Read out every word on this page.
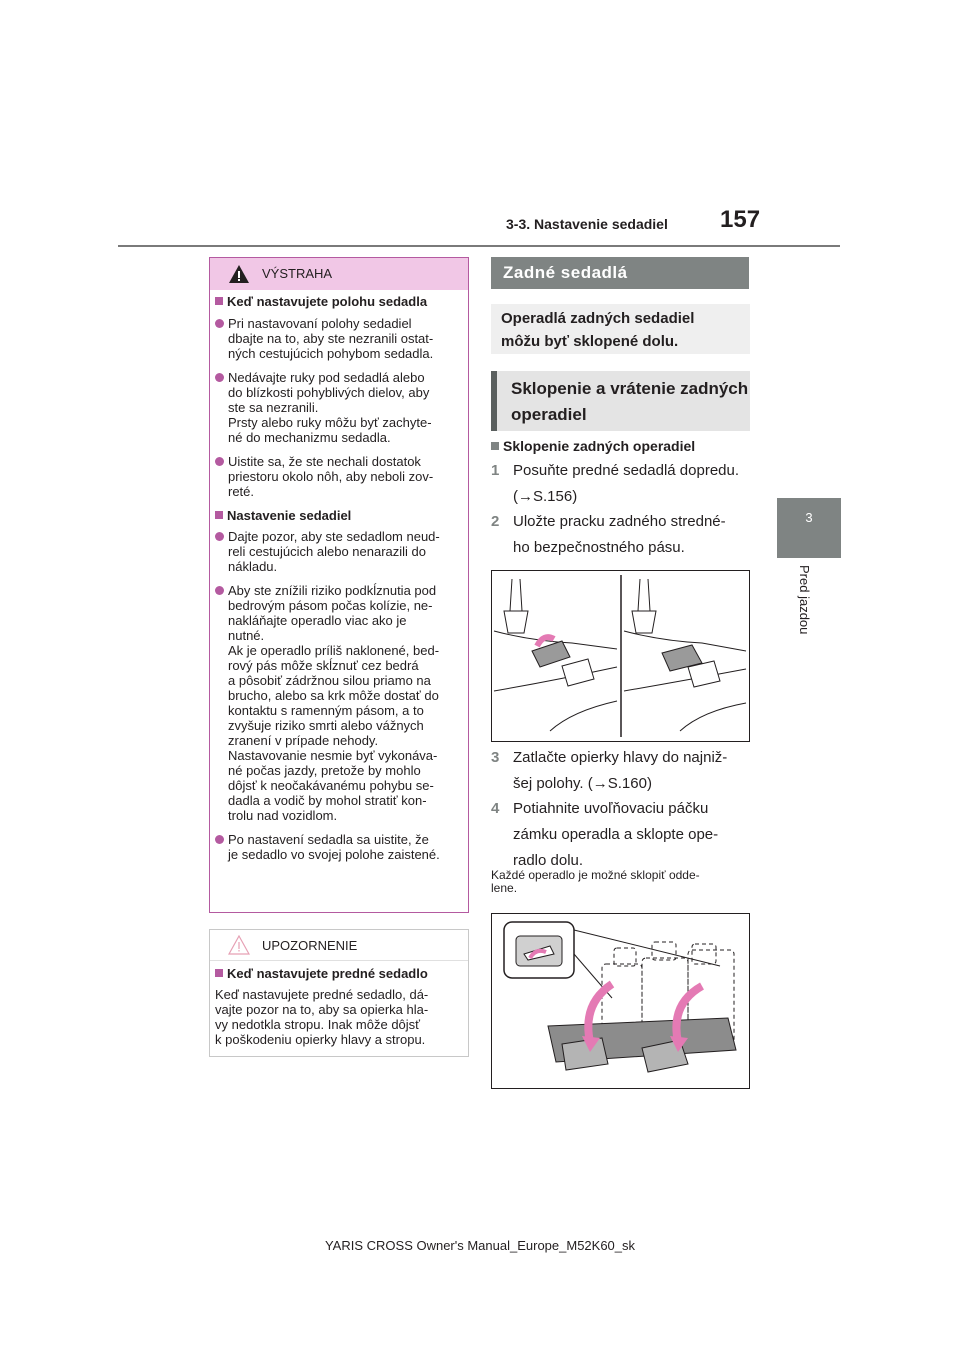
3-3. Nastavenie sedadiel 157
3
Pred jazdou
VÝSTRAHA

Keď nastavujete polohu sedadla

Pri nastavovaní polohy sedadiel
dbajte na to, aby ste nezranili ostat-
ných cestujúcich pohybom sedadla.

Nedávajte ruky pod sedadlá alebo
do blízkosti pohyblivých dielov, aby
ste sa nezranili.
Prsty alebo ruky môžu byť zachyte-
né do mechanizmu sedadla.

Uistite sa, že ste nechali dostatok
priestoru okolo nôh, aby neboli zov-
reté.

Nastavenie sedadiel

Dajte pozor, aby ste sedadlom neud-
reli cestujúcich alebo nenarazili do
nákladu.

Aby ste znížili riziko podkĺznutia pod
bedrovým pásom počas kolízie, ne-
nakláňajte operadlo viac ako je
nutné.
Ak je operadlo príliš naklonené, bed-
rový pás môže skĺznuť cez bedrá
a pôsobiť zádržnou silou priamo na
brucho, alebo sa krk môže dostať do
kontaktu s ramenným pásom, a to
zvyšuje riziko smrti alebo vážnych
zranení v prípade nehody.
Nastavovanie nesmie byť vykonáva-
né počas jazdy, pretože by mohlo
dôjsť k neočakávanému pohybu se-
dadla a vodič by mohol stratiť kon-
trolu nad vozidlom.

Po nastavení sedadla sa uistite, že
je sedadlo vo svojej polohe zaistené.

UPOZORNENIE

Keď nastavujete predné sedadlo

Keď nastavujete predné sedadlo, dá-
vajte pozor na to, aby sa opierka hla-
vy nedotkla stropu. Inak môže dôjsť
k poškodeniu opierky hlavy a stropu.

Zadné sedadlá
Operadlá zadných sedadiel
môžu byť sklopené dolu.
Sklopenie a vrátenie zadných
operadiel
Sklopenie zadných operadiel
1 Posuňte predné sedadlá dopredu.
(→S.156)
2 Uložte pracku zadného stredné-
ho bezpečnostného pásu.
3 Zatlačte opierky hlavy do najniž-
šej polohy. (→S.160)
4 Potiahnite uvoľňovaciu páčku
zámku operadla a sklopte ope-
radlo dolu.
Každé operadlo je možné sklopiť odde-
lene.
YARIS CROSS Owner's Manual_Europe_M52K60_sk
